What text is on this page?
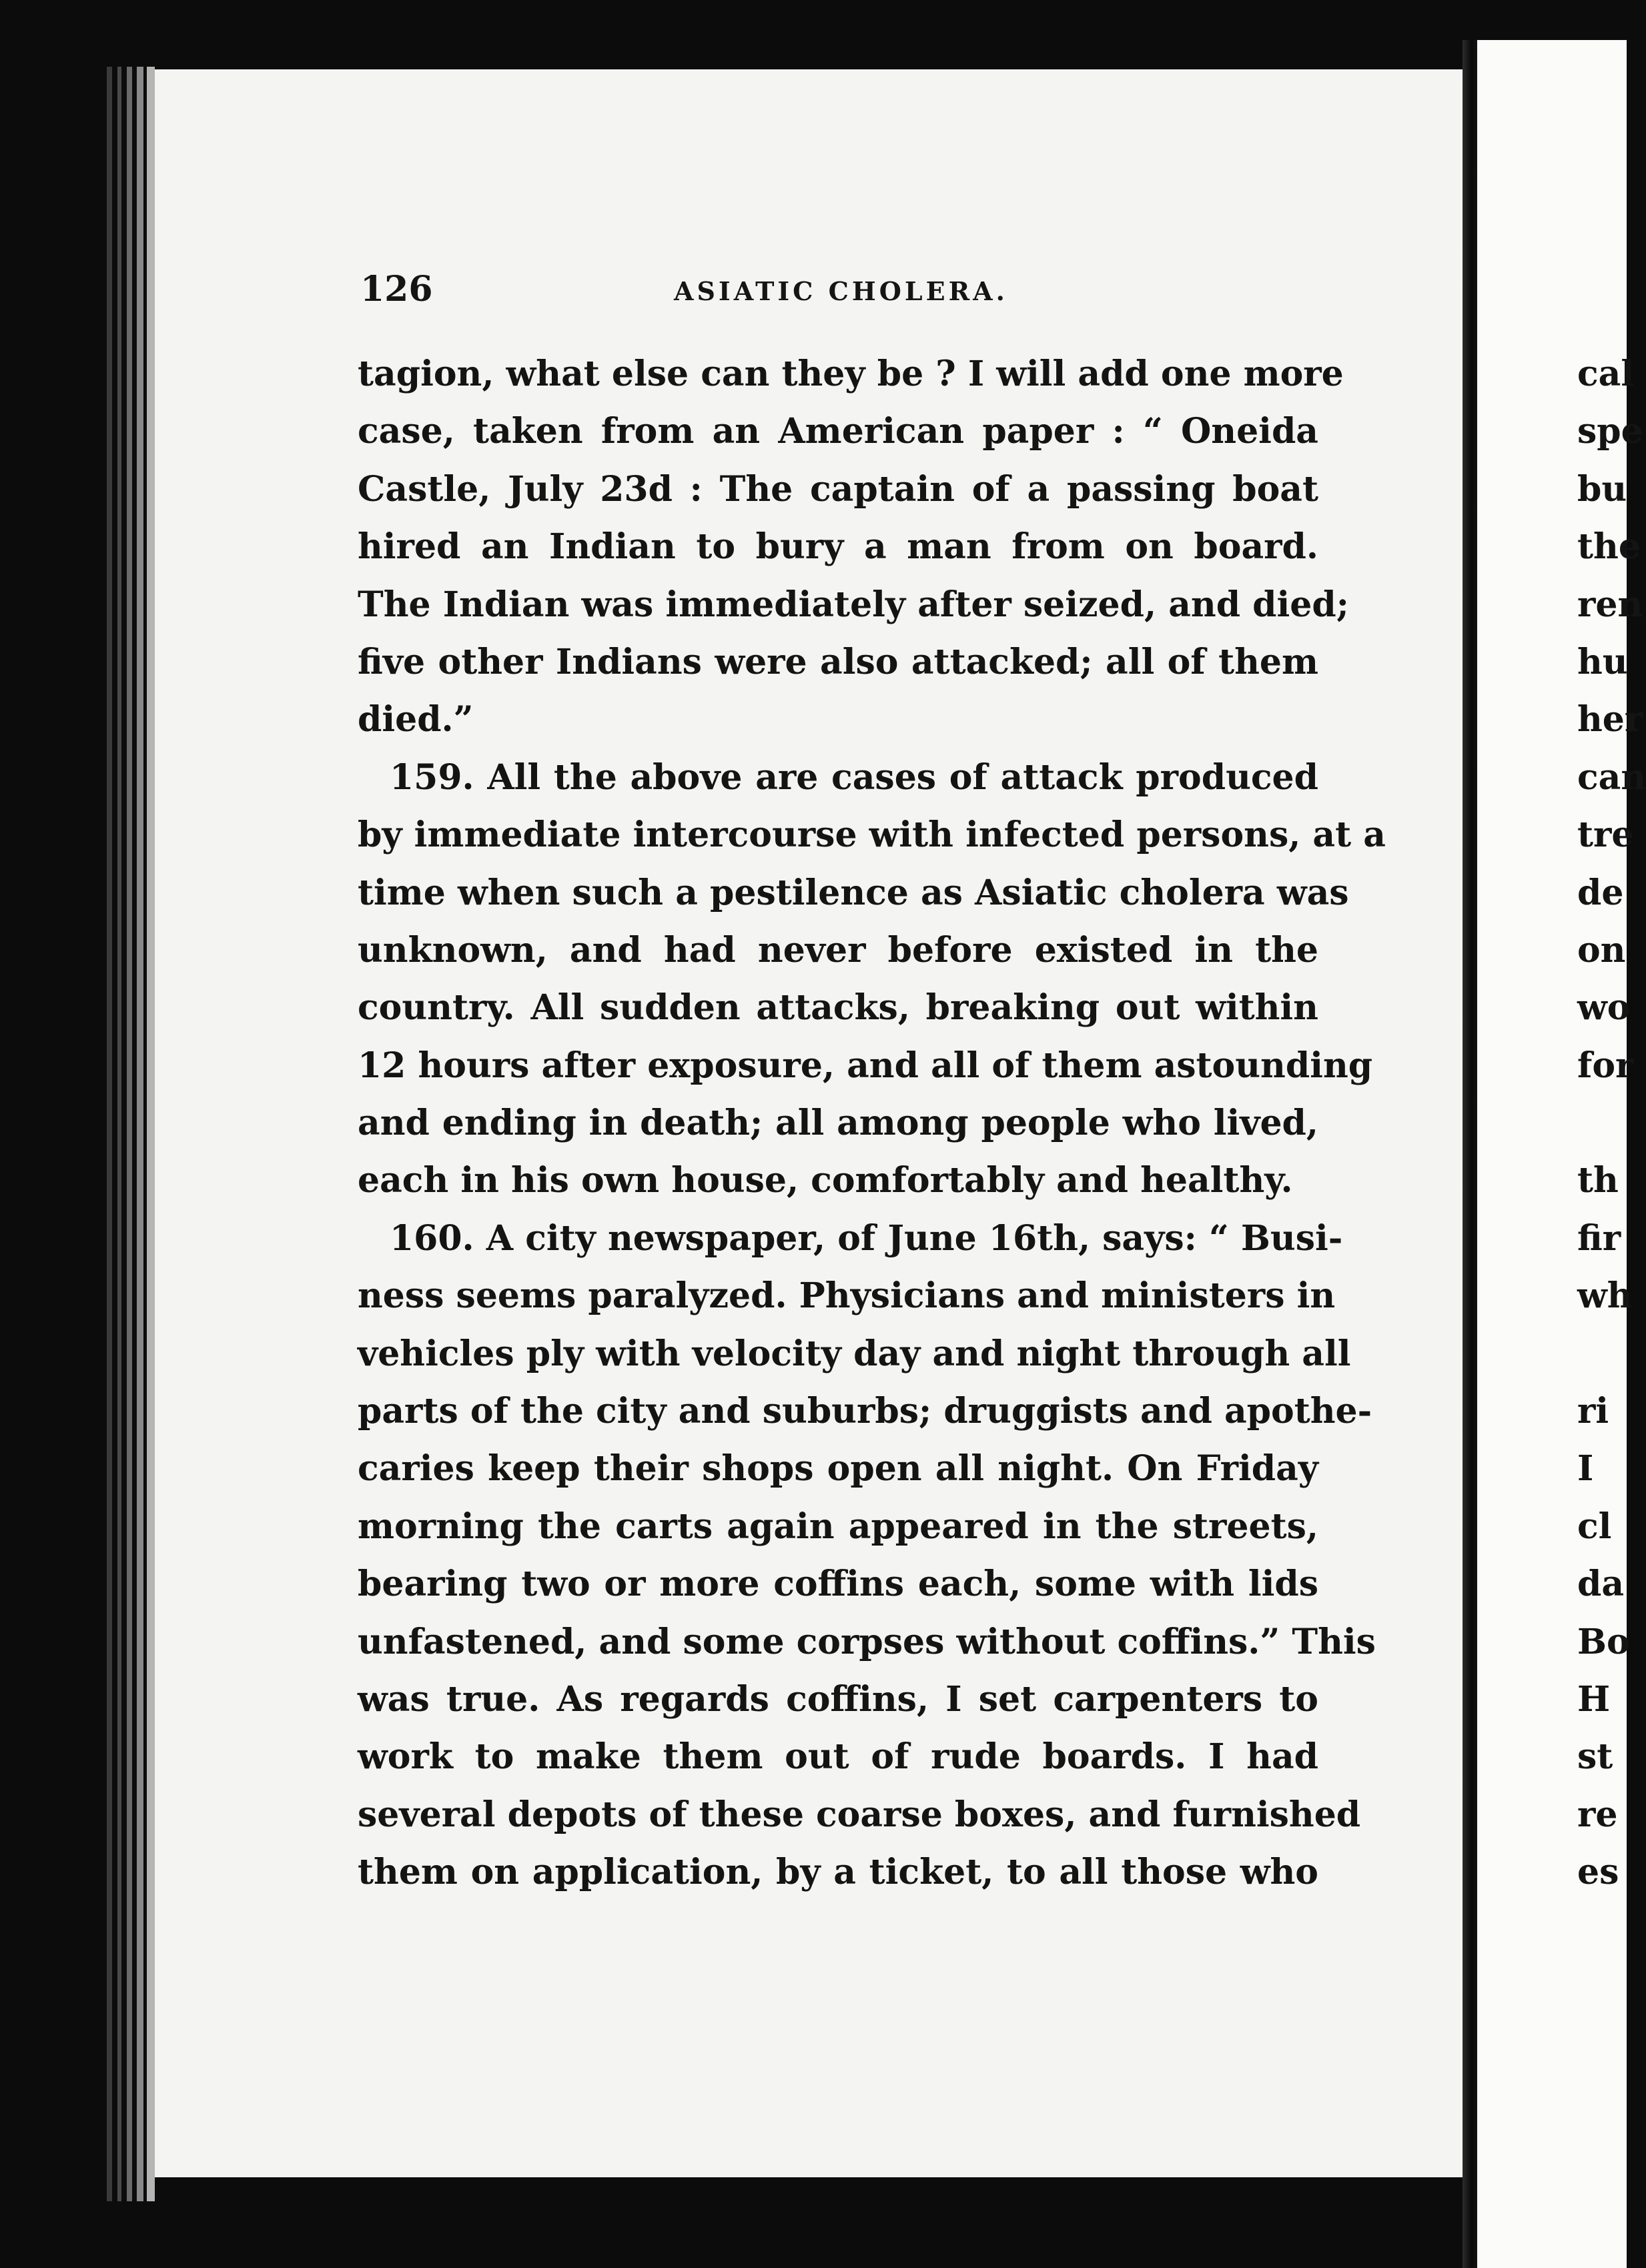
126	ASIATIC CHOLERA.
tagion, what else can they be ? I will add one more
case, taken from an American paper : “ Oneida
Castle, July 23d : The captain of a passing boat
hired an Indian to bury a man from on board.
The Indian was immediately after seized, and died;
five other Indians were also attacked; all of them
died.”
159. All the above are cases of attack produced
by immediate intercourse with infected persons, at a
time when such a pestilence as Asiatic cholera was
unknown, and had never before existed in the
country. All sudden attacks, breaking out within
12 hours after exposure, and all of them astounding
and ending in death; all among people who lived,
each in his own house, comfortably and healthy.
160. A city newspaper, of June 16th, says: “ Busi-
ness seems paralyzed. Physicians and ministers in
vehicles ply with velocity day and night through all
parts of the city and suburbs; druggists and apothe-
caries keep their shops open all night. On Friday
morning the carts again appeared in the streets,
bearing two or more coffins each, some with lids
unfastened, and some corpses without coffins.” This
was true. As regards coffins, I set carpenters to
work to make them out of rude boards. I had
several depots of these coarse boxes, and furnished
them on application, by a ticket, to all those who
cal
spe
bu
the
ren
hu
her
can
tre
de
on
wo
for
th
fir
wh
ri
I
cl
da
Bo
H
st
re
es
